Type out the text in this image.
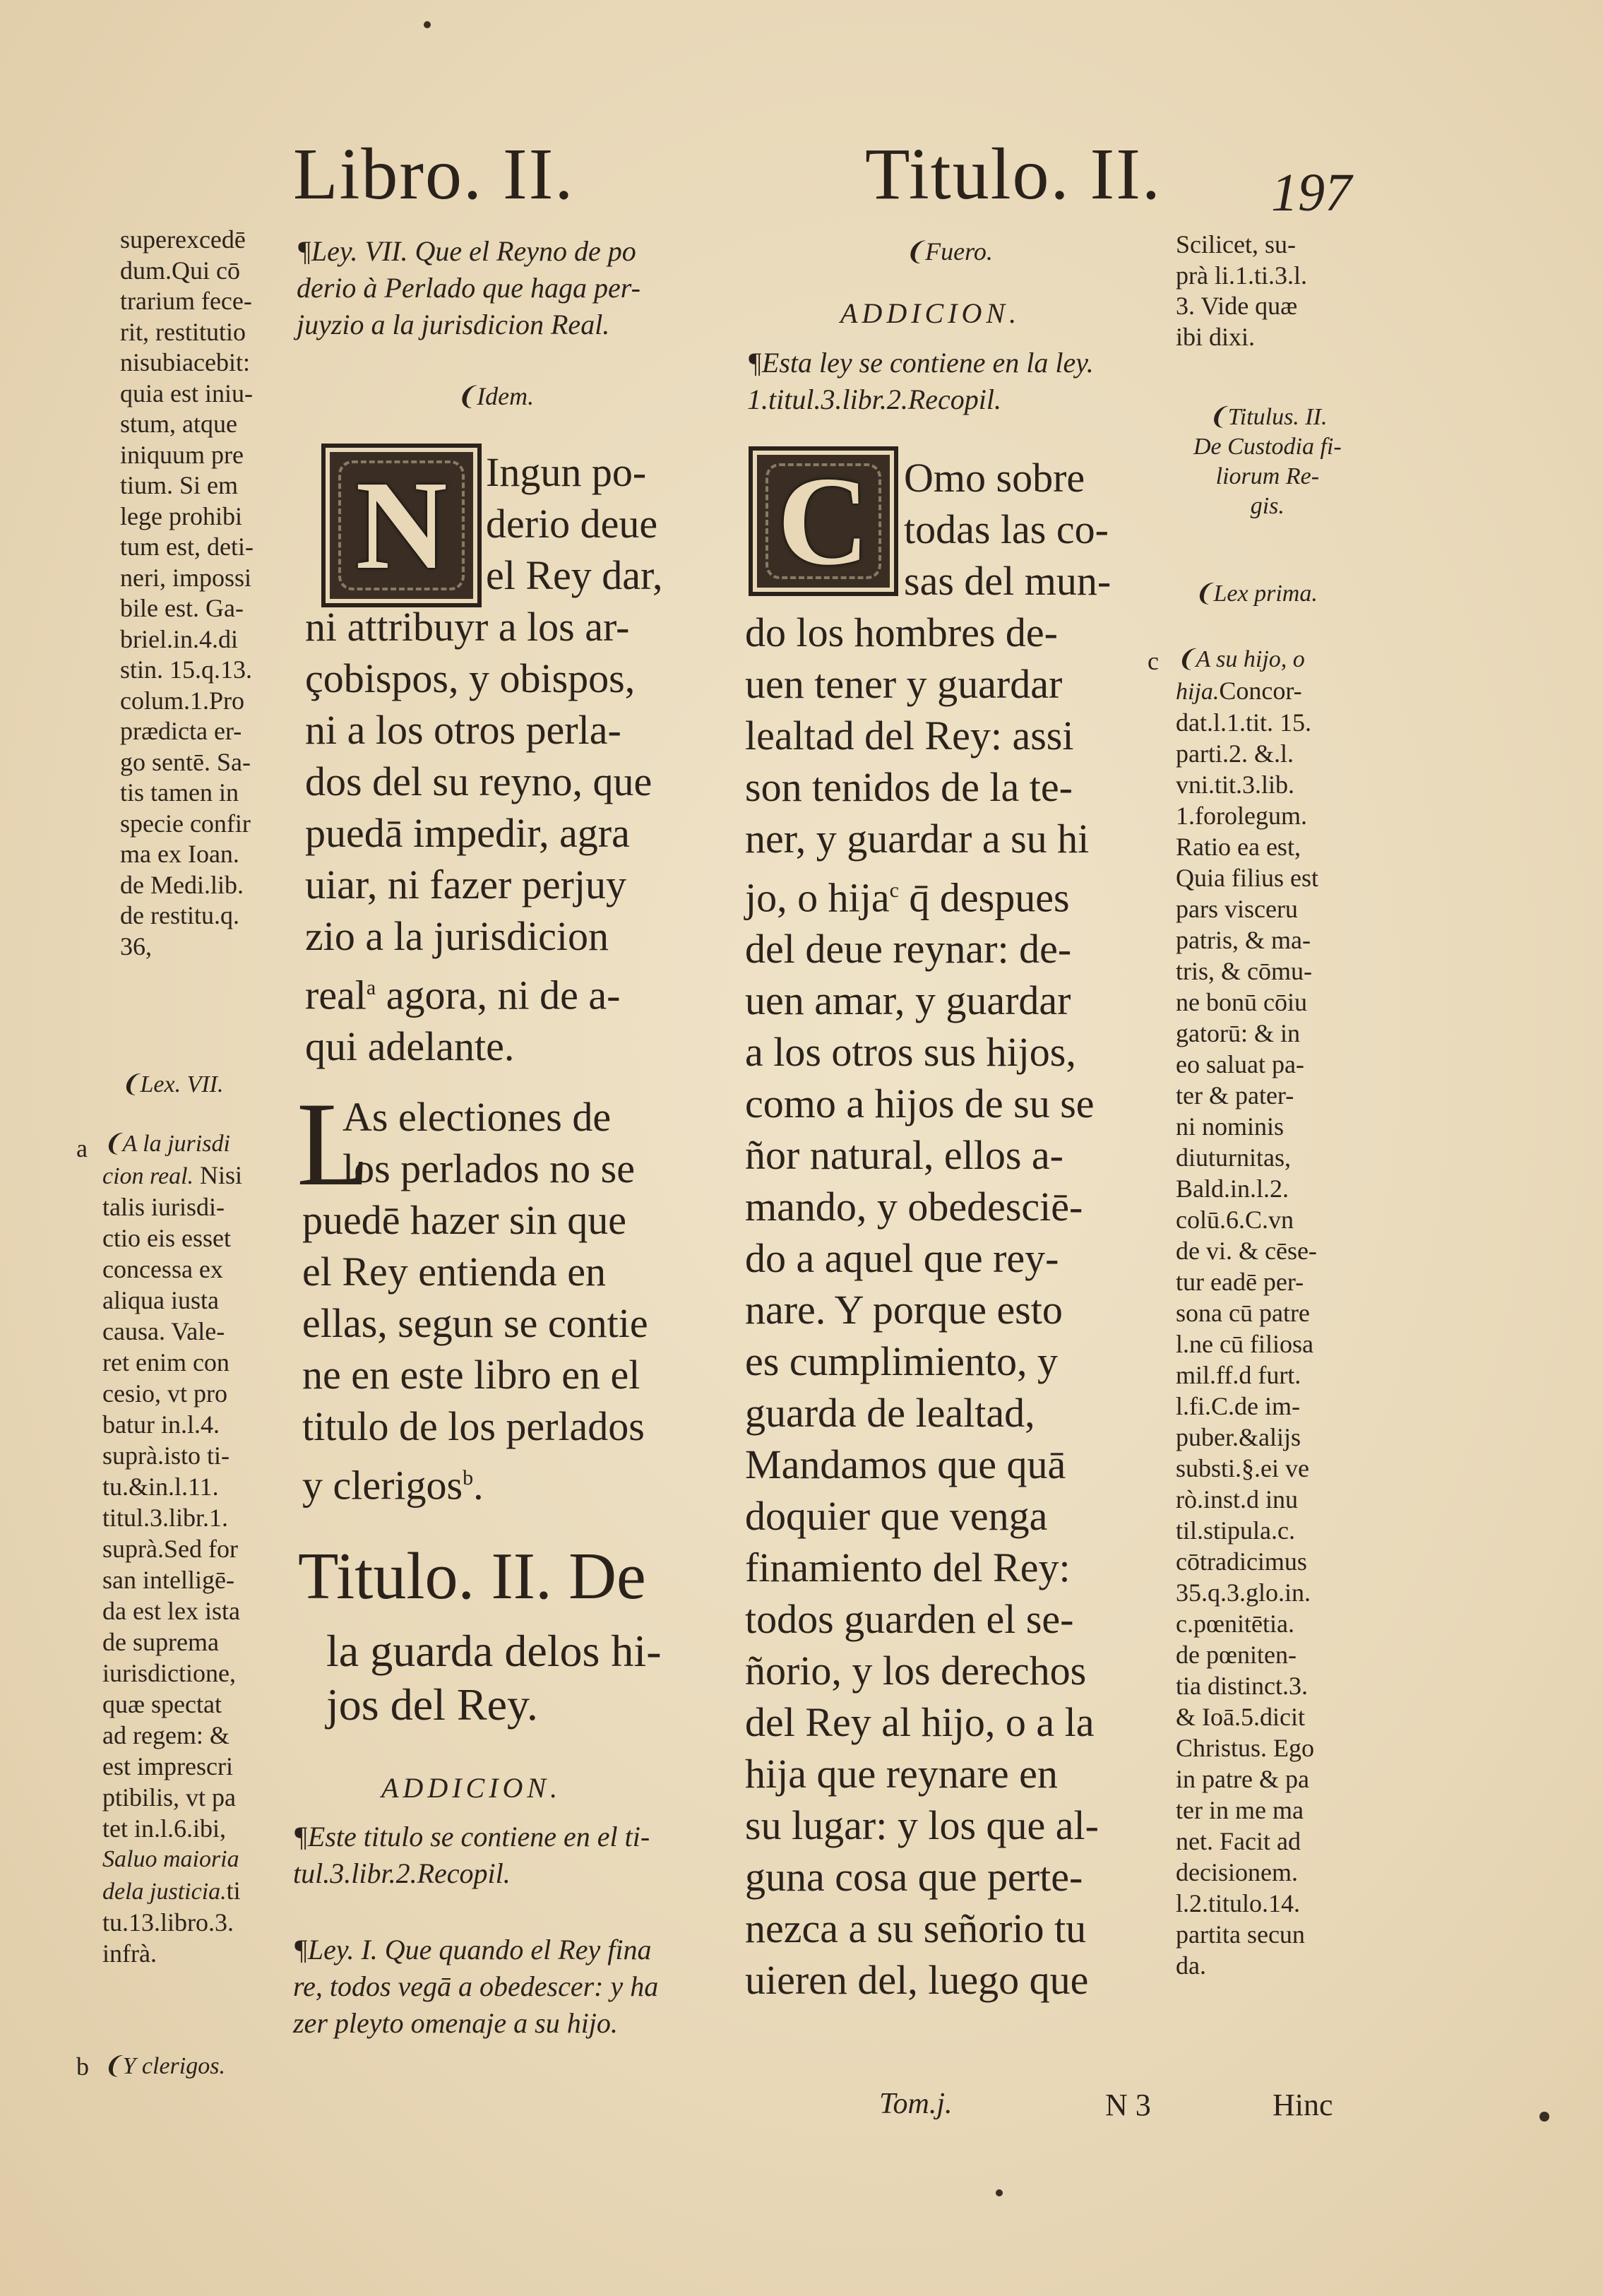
Libro. II.	Titulo. II. 197
superexcedē
dum.Qui cō
trarium fece-
rit, restitutio
nisubiacebit:
quia est iniu-
stum, atque
iniquum pre
tium. Si em
lege prohibi
tum est, deti-
neri, impossi
bile est. Ga-
briel.in.4.di
stin. 15.q.13.
colum.1.Pro
prædicta er-
go sentē. Sa-
tis tamen in
specie confir
ma ex Ioan.
de Medi.lib.
de restitu.q.
36,
❨Lex. VII.
a ❨A la jurisdi
cion real. Nisi
talis iurisdi-
ctio eis esset
concessa ex
aliqua iusta
causa. Vale-
ret enim con
cesio, vt pro
batur in.l.4.
suprà.isto ti-
tu.&in.l.11.
titul.3.libr.1.
suprà.Sed for
san intelligē-
da est lex ista
de suprema
iurisdictione,
quæ spectat
ad regem: &
est imprescri
ptibilis, vt pa
tet in.l.6.ibi,
Saluo maioria
dela justicia.ti
tu.13.libro.3.
infrà.
b ❨Y clerigos.
¶Ley. VII. Que el Reyno de po
derio à Perlado que haga per-
juyzio a la jurisdicion Real.
❨Idem.
N Ingun po-
derio deue
el Rey dar,
ni attribuyr a los ar-
çobispos, y obispos,
ni a los otros perla-
dos del su reyno, que
puedā impedir, agra
uiar, ni fazer perjuy
zio a la jurisdicion
real$^a$ agora, ni de a-
qui adelante.
L
As electiones de
los perlados no se
puedē hazer sin que
el Rey entienda en
ellas, segun se contie
ne en este libro en el
titulo de los perlados
y clerigos$^b$.
Titulo. II. De
la guarda delos hi-
jos del Rey.
ADDICION.
¶Este titulo se contiene en el ti-
tul.3.libr.2.Recopil.
¶Ley. I. Que quando el Rey fina
re, todos vegā a obedescer: y ha
zer pleyto omenaje a su hijo.
❨Fuero.
ADDICION.
¶Esta ley se contiene en la ley.
1.titul.3.libr.2.Recopil.
C Omo sobre
todas las co-
sas del mun-
do los hombres de-
uen tener y guardar
lealtad del Rey: assi
son tenidos de la te-
ner, y guardar a su hi
jo, o hija$^c$ q̄ despues
del deue reynar: de-
uen amar, y guardar
a los otros sus hijos,
como a hijos de su se
ñor natural, ellos a-
mando, y obedesciē-
do a aquel que rey-
nare. Y porque esto
es cumplimiento, y
guarda de lealtad,
Mandamos que quā
doquier que venga
finamiento del Rey:
todos guarden el se-
ñorio, y los derechos
del Rey al hijo, o a la
hija que reynare en
su lugar: y los que al-
guna cosa que perte-
nezca a su señorio tu
uieren del, luego que
c
Tom.j.	N 3
Scilicet, su-
prà li.1.ti.3.l.
3. Vide quæ
ibi dixi.
❨Titulus. II.
De Custodia fi-
liorum Re-
gis.
❨Lex prima.
❨A su hijo, o
hija.Concor-
dat.l.1.tit. 15.
parti.2. &.l.
vni.tit.3.lib.
1.forolegum.
Ratio ea est,
Quia filius est
pars visceru
patris, & ma-
tris, & cōmu-
ne bonū cōiu
gatorū: & in
eo saluat pa-
ter & pater-
ni nominis
diuturnitas,
Bald.in.l.2.
colū.6.C.vn
de vi. & cēse-
tur eadē per-
sona cū patre
l.ne cū filiosa
mil.ff.d furt.
l.fi.C.de im-
puber.&alijs
substi.§.ei ve
rò.inst.d inu
til.stipula.c.
cōtradicimus
35.q.3.glo.in.
c.pœnitētia.
de pœniten-
tia distinct.3.
& Ioā.5.dicit
Christus. Ego
in patre & pa
ter in me ma
net. Facit ad
decisionem.
l.2.titulo.14.
partita secun
da.
Hinc
